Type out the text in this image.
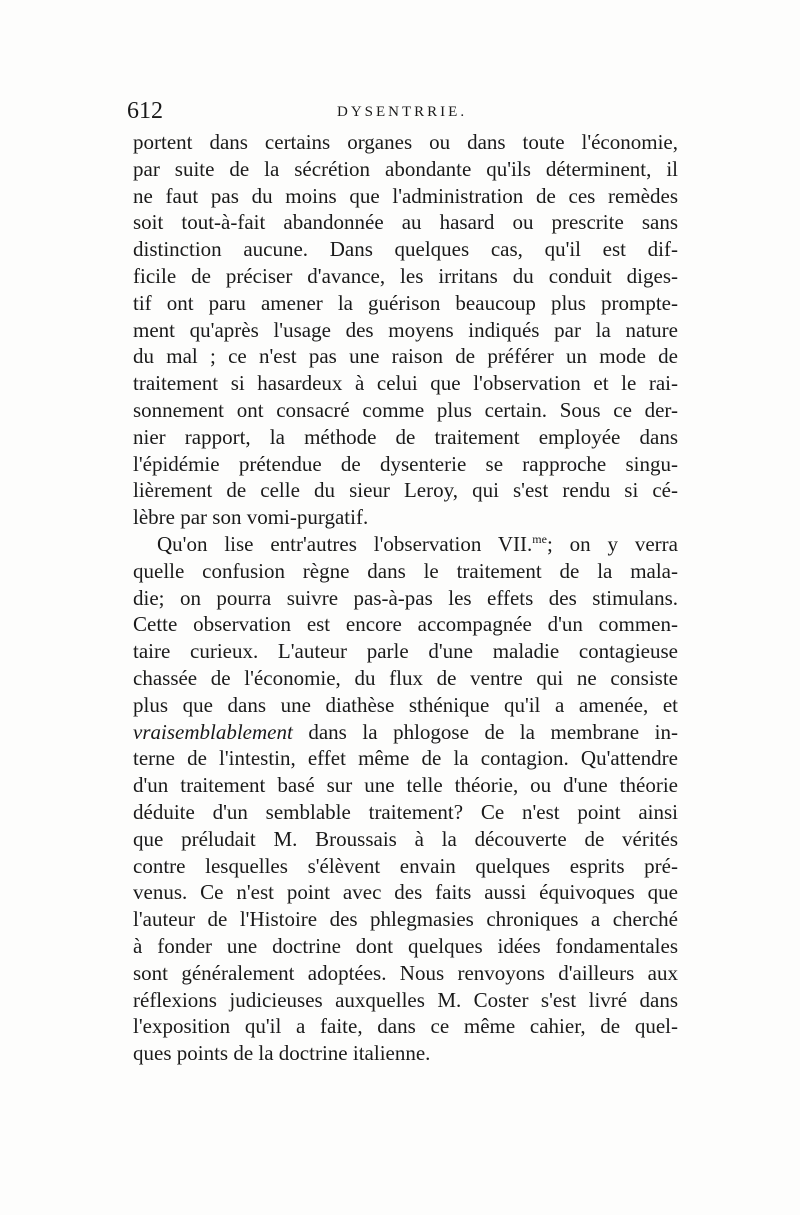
612	DYSENTRRIE.
portent dans certains organes ou dans toute l'économie,
par suite de la sécrétion abondante qu'ils déterminent, il
ne faut pas du moins que l'administration de ces remèdes
soit tout-à-fait abandonnée au hasard ou prescrite sans
distinction aucune. Dans quelques cas, qu'il est dif-
ficile de préciser d'avance, les irritans du conduit diges-
tif ont paru amener la guérison beaucoup plus prompte-
ment qu'après l'usage des moyens indiqués par la nature
du mal ; ce n'est pas une raison de préférer un mode de
traitement si hasardeux à celui que l'observation et le rai-
sonnement ont consacré comme plus certain. Sous ce der-
nier rapport, la méthode de traitement employée dans
l'épidémie prétendue de dysenterie se rapproche singu-
lièrement de celle du sieur Leroy, qui s'est rendu si cé-
lèbre par son vomi-purgatif.
Qu'on lise entr'autres l'observation VII.$^{me}$; on y verra
quelle confusion règne dans le traitement de la mala-
die; on pourra suivre pas-à-pas les effets des stimulans.
Cette observation est encore accompagnée d'un commen-
taire curieux. L'auteur parle d'une maladie contagieuse
chassée de l'économie, du flux de ventre qui ne consiste
plus que dans une diathèse sthénique qu'il a amenée, et
vraisemblablement dans la phlogose de la membrane in-
terne de l'intestin, effet même de la contagion. Qu'attendre
d'un traitement basé sur une telle théorie, ou d'une théorie
déduite d'un semblable traitement? Ce n'est point ainsi
que préludait M. Broussais à la découverte de vérités
contre lesquelles s'élèvent envain quelques esprits pré-
venus. Ce n'est point avec des faits aussi équivoques que
l'auteur de l'Histoire des phlegmasies chroniques a cherché
à fonder une doctrine dont quelques idées fondamentales
sont généralement adoptées. Nous renvoyons d'ailleurs aux
réflexions judicieuses auxquelles M. Coster s'est livré dans
l'exposition qu'il a faite, dans ce même cahier, de quel-
ques points de la doctrine italienne.
